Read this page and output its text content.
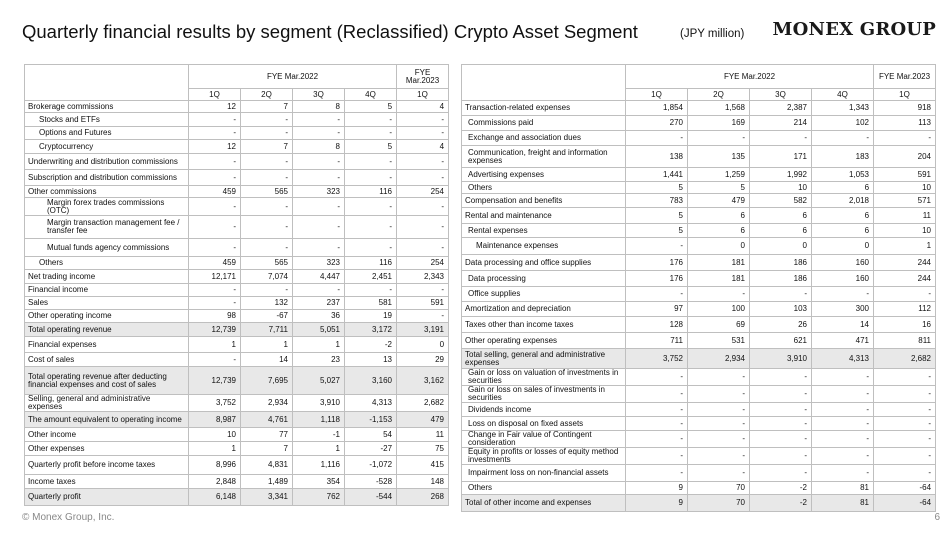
Quarterly financial results by segment (Reclassified) Crypto Asset Segment	(JPY million) MONEX GROUP
	FYE Mar.2022				FYE Mar.2023
	1Q	2Q	3Q	4Q	1Q
Brokerage commissions	12	7	8	5	4
Stocks and ETFs	-	-	-	-	-
Options and Futures	-	-	-	-	-
Cryptocurrency	12	7	8	5	4
Underwriting and distribution commissions	-	-	-	-	-
Subscription and distribution commissions	-	-	-	-	-
Other commissions	459	565	323	116	254
Margin forex trades commissions (OTC)	-	-	-	-	-
Margin transaction management fee / transfer fee	-	-	-	-	-
Mutual funds agency commissions	-	-	-	-	-
Others	459	565	323	116	254
Net trading income	12,171	7,074	4,447	2,451	2,343
Financial income	-	-	-	-	-
Sales	-	132	237	581	591
Other operating income	98	-67	36	19	-
Total operating revenue	12,739	7,711	5,051	3,172	3,191
Financial expenses	1	1	1	-2	0
Cost of sales	-	14	23	13	29
Total operating revenue after deducting financial expenses and cost of sales	12,739	7,695	5,027	3,160	3,162
Selling, general and administrative expenses	3,752	2,934	3,910	4,313	2,682
The amount equivalent to operating income	8,987	4,761	1,118	-1,153	479
Other income	10	77	-1	54	11
Other expenses	1	7	1	-27	75
Quarterly profit before income taxes	8,996	4,831	1,116	-1,072	415
Income taxes	2,848	1,489	354	-528	148
Quarterly profit	6,148	3,341	762	-544	268
	FYE Mar.2022				FYE Mar.2023
	1Q	2Q	3Q	4Q	1Q
Transaction-related expenses	1,854	1,568	2,387	1,343	918
Commissions paid	270	169	214	102	113
Exchange and association dues	-	-	-	-	-
Communication, freight and information expenses	138	135	171	183	204
Advertising expenses	1,441	1,259	1,992	1,053	591
Others	5	5	10	6	10
Compensation and benefits	783	479	582	2,018	571
Rental and maintenance	5	6	6	6	11
Rental expenses	5	6	6	6	10
Maintenance expenses	-	0	0	0	1
Data processing and office supplies	176	181	186	160	244
Data processing	176	181	186	160	244
Office supplies	-	-	-	-	-
Amortization and depreciation	97	100	103	300	112
Taxes other than income taxes	128	69	26	14	16
Other operating expenses	711	531	621	471	811
Total selling, general and administrative expenses	3,752	2,934	3,910	4,313	2,682
Gain or loss on valuation of investments in securities	-	-	-	-	-
Gain or loss on sales of investments in securities	-	-	-	-	-
Dividends income	-	-	-	-	-
Loss on disposal on fixed assets	-	-	-	-	-
Change in Fair value of Contingent consideration	-	-	-	-	-
Equity in profits or losses of equity method investments	-	-	-	-	-
Impairment loss on non-financial assets	-	-	-	-	-
Others	9	70	-2	81	-64
Total of other income and expenses	9	70	-2	81	-64
© Monex Group, Inc.	6
